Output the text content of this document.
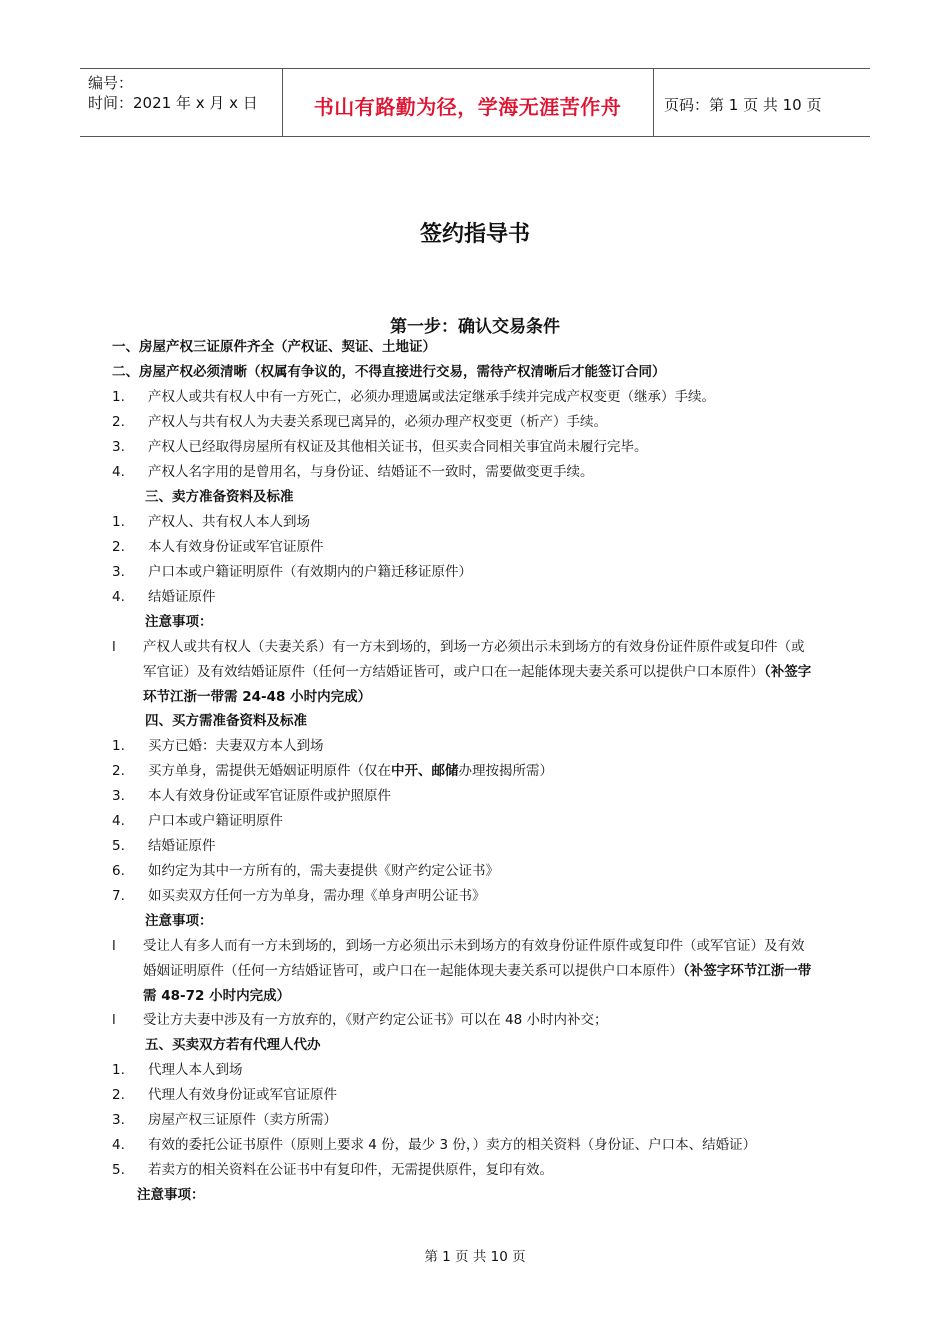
编号：
时间：2021 年 x 月 x 日	书山有路勤为径，学海无涯苦作舟	页码：第 1 页 共 10 页
签约指导书
第一步：确认交易条件
一、房屋产权三证原件齐全（产权证、契证、土地证）
二、房屋产权必须清晰（权属有争议的，不得直接进行交易，需待产权清晰后才能签订合同）
1. 产权人或共有权人中有一方死亡，必须办理遗属或法定继承手续并完成产权变更（继承）手续。
2. 产权人与共有权人为夫妻关系现已离异的，必须办理产权变更（析产）手续。
3. 产权人已经取得房屋所有权证及其他相关证书，但买卖合同相关事宜尚未履行完毕。
4. 产权人名字用的是曾用名，与身份证、结婚证不一致时，需要做变更手续。
三、卖方准备资料及标准
1. 产权人、共有权人本人到场
2. 本人有效身份证或军官证原件
3. 户口本或户籍证明原件（有效期内的户籍迁移证原件）
4. 结婚证原件
注意事项：
l 产权人或共有权人（夫妻关系）有一方未到场的，到场一方必须出示未到场方的有效身份证件原件或复印件（或军官证）及有效结婚证原件（任何一方结婚证皆可，或户口在一起能体现夫妻关系可以提供户口本原件）（补签字环节江浙一带需 24-48 小时内完成）
四、买方需准备资料及标准
1. 买方已婚：夫妻双方本人到场
2. 买方单身，需提供无婚姻证明原件（仅在中开、邮储办理按揭所需）
3. 本人有效身份证或军官证原件或护照原件
4. 户口本或户籍证明原件
5. 结婚证原件
6. 如约定为其中一方所有的，需夫妻提供《财产约定公证书》
7. 如买卖双方任何一方为单身，需办理《单身声明公证书》
注意事项：
l 受让人有多人而有一方未到场的，到场一方必须出示未到场方的有效身份证件原件或复印件（或军官证）及有效婚姻证明原件（任何一方结婚证皆可，或户口在一起能体现夫妻关系可以提供户口本原件）（补签字环节江浙一带需 48-72 小时内完成）
l 受让方夫妻中涉及有一方放弃的，《财产约定公证书》可以在 48 小时内补交；
五、买卖双方若有代理人代办
1. 代理人本人到场
2. 代理人有效身份证或军官证原件
3. 房屋产权三证原件（卖方所需）
4. 有效的委托公证书原件（原则上要求 4 份，最少 3 份，）卖方的相关资料（身份证、户口本、结婚证）
5. 若卖方的相关资料在公证书中有复印件，无需提供原件，复印有效。
注意事项：
第 1 页 共 10 页
